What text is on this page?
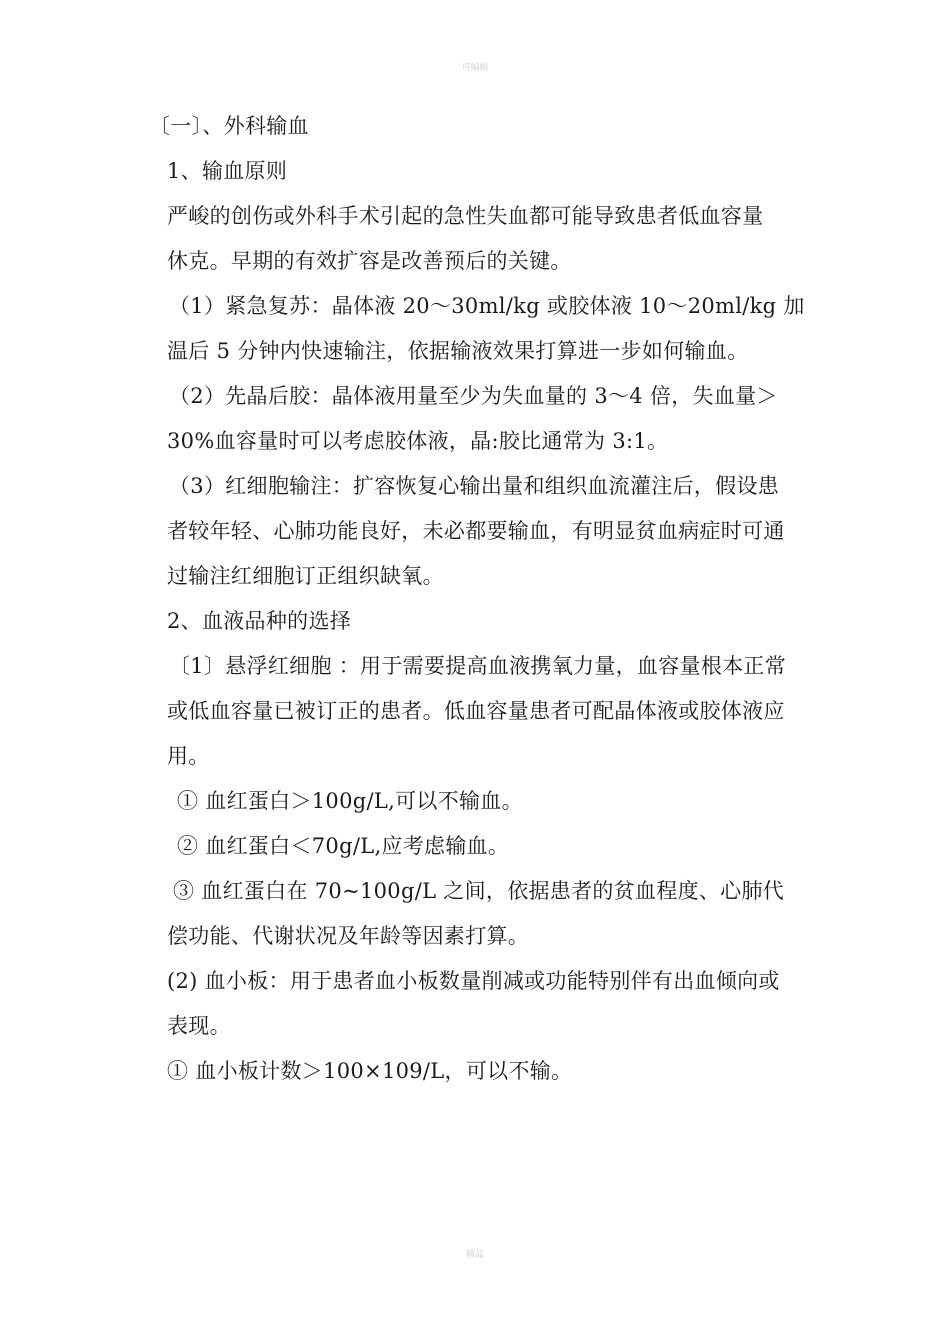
可编辑

〔一〕、外科输血

1、输血原则

严峻的创伤或外科手术引起的急性失血都可能导致患者低血容量

休克。早期的有效扩容是改善预后的关键。

（1）紧急复苏：晶体液 20～30ml/kg 或胶体液 10～20ml/kg 加

温后 5 分钟内快速输注，依据输液效果打算进一步如何输血。

（2）先晶后胶：晶体液用量至少为失血量的 3～4 倍，失血量＞

30%血容量时可以考虑胶体液，晶:胶比通常为 3:1。

（3）红细胞输注：扩容恢复心输出量和组织血流灌注后，假设患

者较年轻、心肺功能良好，未必都要输血，有明显贫血病症时可通

过输注红细胞订正组织缺氧。

2、血液品种的选择

〔1〕悬浮红细胞 ：用于需要提高血液携氧力量，血容量根本正常

或低血容量已被订正的患者。低血容量患者可配晶体液或胶体液应

用。

① 血红蛋白＞100g/L,可以不输血。

② 血红蛋白＜70g/L,应考虑输血。

③ 血红蛋白在 70~100g/L 之间，依据患者的贫血程度、心肺代

偿功能、代谢状况及年龄等因素打算。

(2) 血小板：用于患者血小板数量削减或功能特别伴有出血倾向或

表现。

① 血小板计数＞100×109/L，可以不输。

精品
